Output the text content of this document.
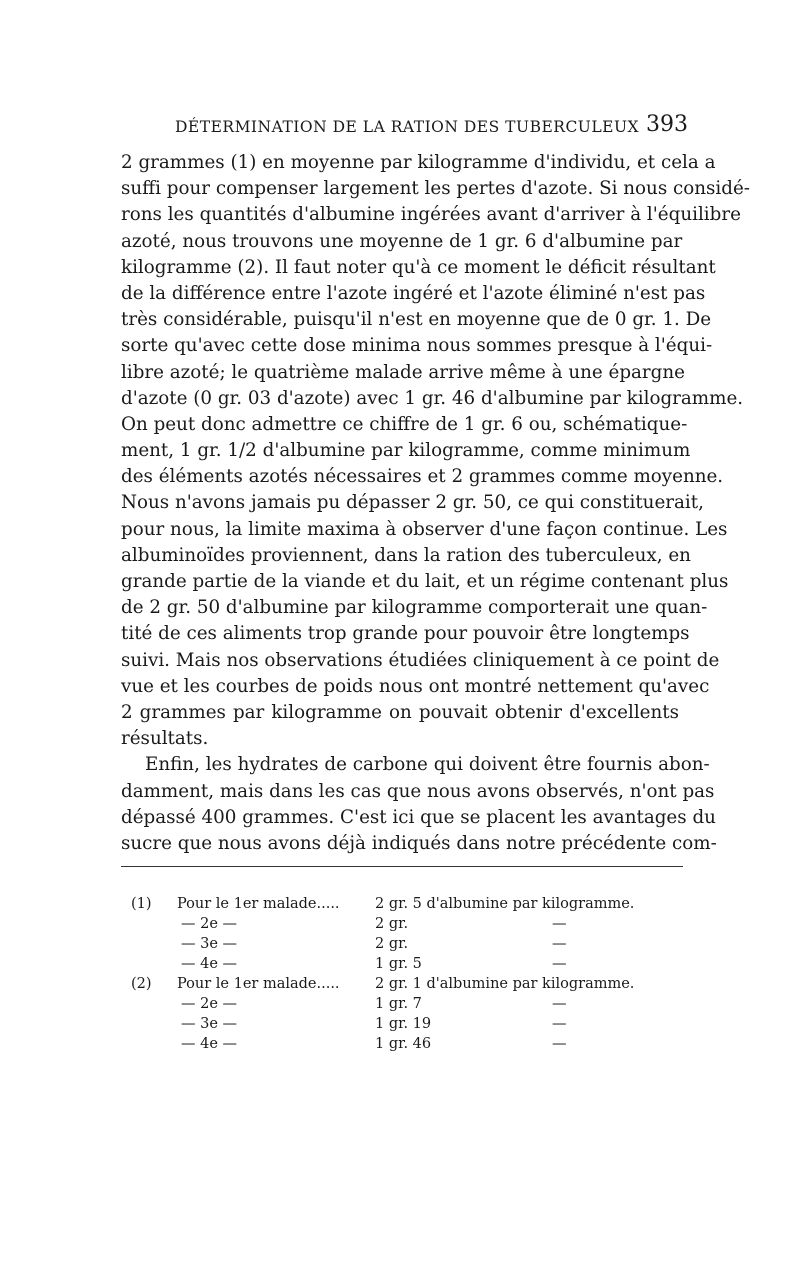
DÉTERMINATION DE LA RATION DES TUBERCULEUX 393
2 grammes (1) en moyenne par kilogramme d'individu, et cela a
suffi pour compenser largement les pertes d'azote. Si nous considé-
rons les quantités d'albumine ingérées avant d'arriver à l'équilibre
azoté, nous trouvons une moyenne de 1 gr. 6 d'albumine par
kilogramme (2). Il faut noter qu'à ce moment le déficit résultant
de la différence entre l'azote ingéré et l'azote éliminé n'est pas
très considérable, puisqu'il n'est en moyenne que de 0 gr. 1. De
sorte qu'avec cette dose minima nous sommes presque à l'équi-
libre azoté; le quatrième malade arrive même à une épargne
d'azote (0 gr. 03 d'azote) avec 1 gr. 46 d'albumine par kilogramme.
On peut donc admettre ce chiffre de 1 gr. 6 ou, schématique-
ment, 1 gr. 1/2 d'albumine par kilogramme, comme minimum
des éléments azotés nécessaires et 2 grammes comme moyenne.
Nous n'avons jamais pu dépasser 2 gr. 50, ce qui constituerait,
pour nous, la limite maxima à observer d'une façon continue. Les
albuminoïdes proviennent, dans la ration des tuberculeux, en
grande partie de la viande et du lait, et un régime contenant plus
de 2 gr. 50 d'albumine par kilogramme comporterait une quan-
tité de ces aliments trop grande pour pouvoir être longtemps
suivi. Mais nos observations étudiées cliniquement à ce point de
vue et les courbes de poids nous ont montré nettement qu'avec
2 grammes par kilogramme on pouvait obtenir d'excellents
résultats.
Enfin, les hydrates de carbone qui doivent être fournis abon-
damment, mais dans les cas que nous avons observés, n'ont pas
dépassé 400 grammes. C'est ici que se placent les avantages du
sucre que nous avons déjà indiqués dans notre précédente com-
(1) Pour le 1er malade..... 2 gr. 5 d'albumine par kilogramme.
— 2e —	2 gr.	—
— 3e —	2 gr.	—
— 4e —	1 gr. 5	—
(2) Pour le 1er malade..... 2 gr. 1 d'albumine par kilogramme.
— 2e —	1 gr. 7	—
— 3e —	1 gr. 19	—
— 4e —	1 gr. 46	—
